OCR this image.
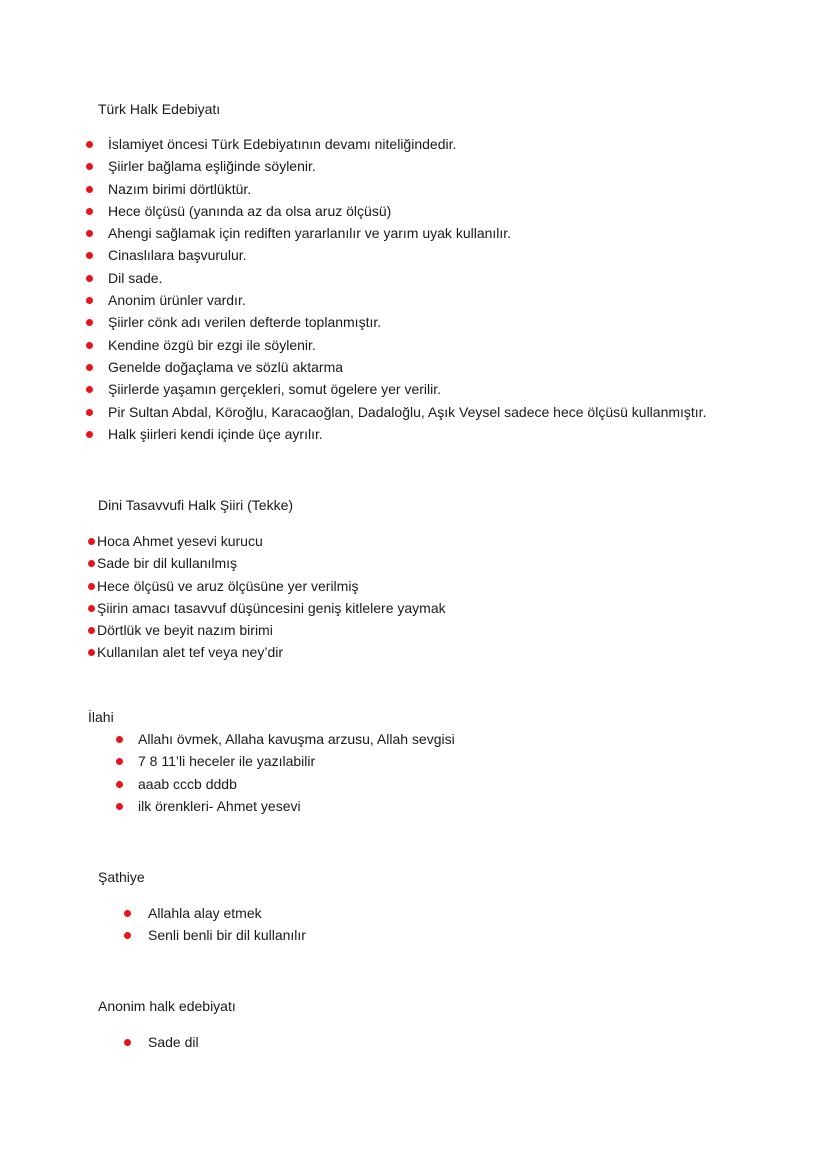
Türk Halk Edebiyatı
İslamiyet öncesi Türk Edebiyatının devamı niteliğindedir.
Şiirler bağlama eşliğinde söylenir.
Nazım birimi dörtlüktür.
Hece ölçüsü (yanında az da olsa aruz ölçüsü)
Ahengi sağlamak için rediften yararlanılır ve yarım uyak kullanılır.
Cinaslılara başvurulur.
Dil sade.
Anonim ürünler vardır.
Şiirler cönk adı verilen defterde toplanmıştır.
Kendine özgü bir ezgi ile söylenir.
Genelde doğaçlama ve sözlü aktarma
Şiirlerde yaşamın gerçekleri, somut ögelere yer verilir.
Pir Sultan Abdal, Köroğlu, Karacaoğlan, Dadaloğlu, Aşık Veysel sadece hece ölçüsü kullanmıştır.
Halk şiirleri kendi içinde üçe ayrılır.
Dini Tasavvufi Halk Şiiri (Tekke)
Hoca Ahmet yesevi kurucu
Sade bir dil kullanılmış
Hece ölçüsü ve aruz ölçüsüne yer verilmiş
Şiirin amacı tasavvuf düşüncesini geniş kitlelere yaymak
Dörtlük ve beyit nazım birimi
Kullanılan alet tef veya ney’dir
İlahi
Allahı övmek, Allaha kavuşma arzusu, Allah sevgisi
7 8 11’li heceler ile yazılabilir
aaab cccb dddb
ilk örenkleri- Ahmet yesevi
Şathiye
Allahla alay etmek
Senli benli bir dil kullanılır
Anonim halk edebiyatı
Sade dil
